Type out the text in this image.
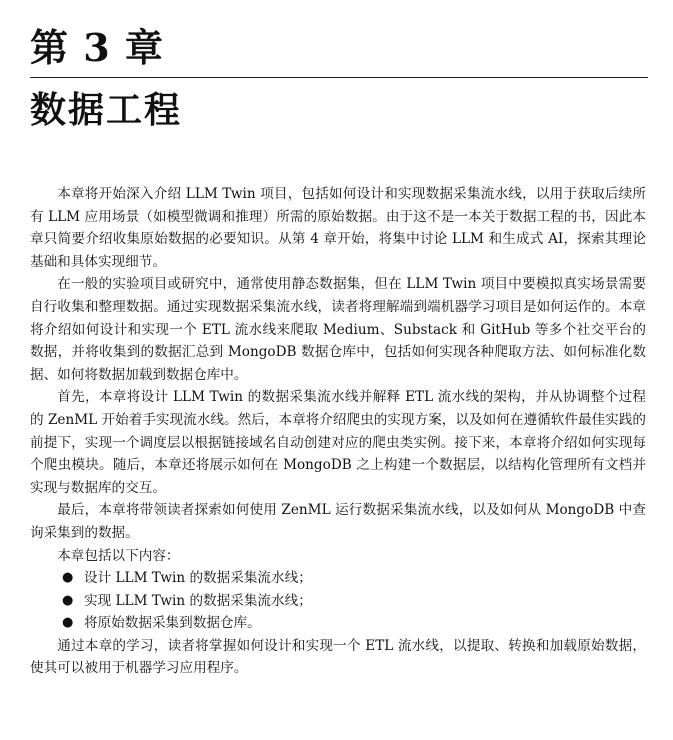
第 3 章
数据工程

本章将开始深入介绍 LLM Twin 项目，包括如何设计和实现数据采集流水线，以用于获取后续所有 LLM 应用场景（如模型微调和推理）所需的原始数据。由于这不是一本关于数据工程的书，因此本章只简要介绍收集原始数据的必要知识。从第 4 章开始，将集中讨论 LLM 和生成式 AI，探索其理论基础和具体实现细节。

在一般的实验项目或研究中，通常使用静态数据集，但在 LLM Twin 项目中要模拟真实场景需要自行收集和整理数据。通过实现数据采集流水线，读者将理解端到端机器学习项目是如何运作的。本章将介绍如何设计和实现一个 ETL 流水线来爬取 Medium、Substack 和 GitHub 等多个社交平台的数据，并将收集到的数据汇总到 MongoDB 数据仓库中，包括如何实现各种爬取方法、如何标准化数据、如何将数据加载到数据仓库中。

首先，本章将设计 LLM Twin 的数据采集流水线并解释 ETL 流水线的架构，并从协调整个过程的 ZenML 开始着手实现流水线。然后，本章将介绍爬虫的实现方案，以及如何在遵循软件最佳实践的前提下，实现一个调度层以根据链接域名自动创建对应的爬虫类实例。接下来，本章将介绍如何实现每个爬虫模块。随后，本章还将展示如何在 MongoDB 之上构建一个数据层，以结构化管理所有文档并实现与数据库的交互。

最后，本章将带领读者探索如何使用 ZenML 运行数据采集流水线，以及如何从 MongoDB 中查询采集到的数据。

本章包括以下内容：

● 设计 LLM Twin 的数据采集流水线；
● 实现 LLM Twin 的数据采集流水线；
● 将原始数据采集到数据仓库。

通过本章的学习，读者将掌握如何设计和实现一个 ETL 流水线，以提取、转换和加载原始数据，使其可以被用于机器学习应用程序。
